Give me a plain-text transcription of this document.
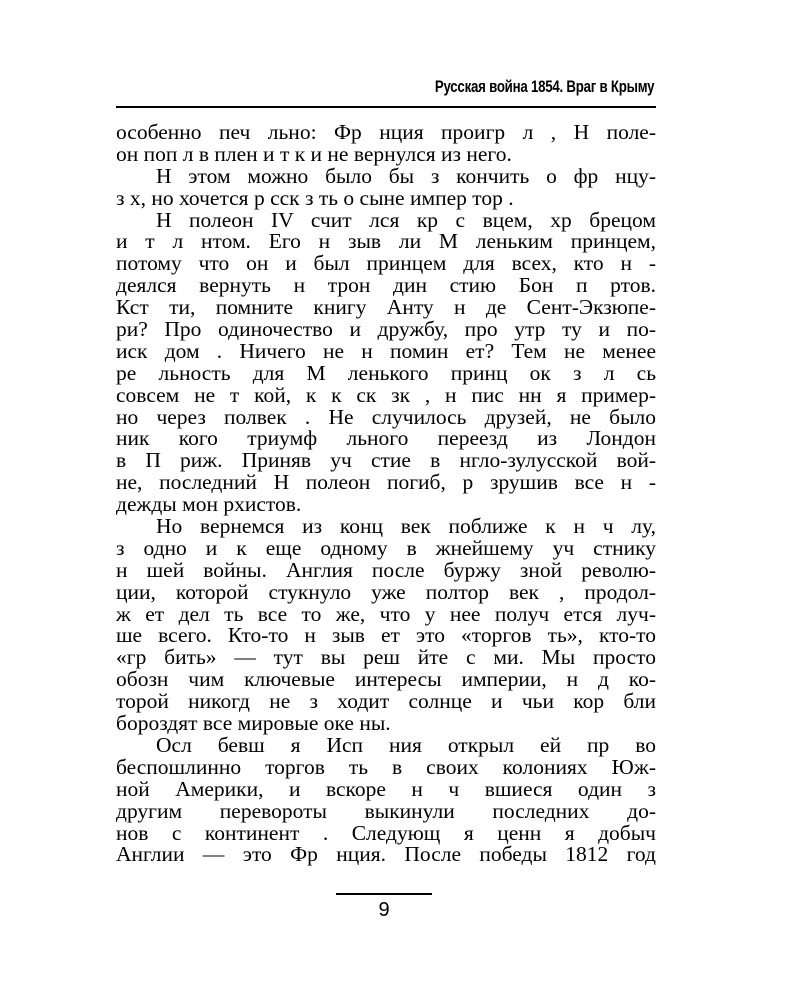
Русская война 1854. Враг в Крыму
особенно печ льно: Фр нция проигр л , Н поле-
он поп л в плен и т к и не вернулся из него.
Н этом можно было бы з кончить о фр нцу-
з х, но хочется р сск з ть о сыне импер тор .
Н полеон IV счит лся кр с вцем, хр брецом
и т л нтом. Его н зыв ли М леньким принцем,
потому что он и был принцем для всех, кто н -
деялся вернуть н трон дин стию Бон п ртов.
Кст ти, помните книгу Анту н де Сент-Экзюпе-
ри? Про одиночество и дружбу, про утр ту и по-
иск дом . Ничего не н помин ет? Тем не менее
ре льность для М ленького принц ок з л сь
совсем не т кой, к к ск зк , н пис нн я пример-
но через полвек . Не случилось друзей, не было
ник кого триумф льного переезд из Лондон
в П риж. Приняв уч стие в нгло-зулусской вой-
не, последний Н полеон погиб, р зрушив все н -
дежды мон рхистов.
Но вернемся из конц век поближе к н ч лу,
з одно и к еще одному в жнейшему уч стнику
н шей войны. Англия после буржу зной револю-
ции, которой стукнуло уже полтор век , продол-
ж ет дел ть все то же, что у нее получ ется луч-
ше всего. Кто-то н зыв ет это «торгов ть», кто-то
«гр бить» — тут вы реш йте с ми. Мы просто
обозн чим ключевые интересы империи, н д ко-
торой никогд не з ходит солнце и чьи кор бли
бороздят все мировые оке ны.
Осл бевш я Исп ния открыл ей пр во
беспошлинно торгов ть в своих колониях Юж-
ной Америки, и вскоре н ч вшиеся один з
другим перевороты выкинули последних до-
нов с континент . Следующ я ценн я добыч
Англии — это Фр нция. После победы 1812 год
9
